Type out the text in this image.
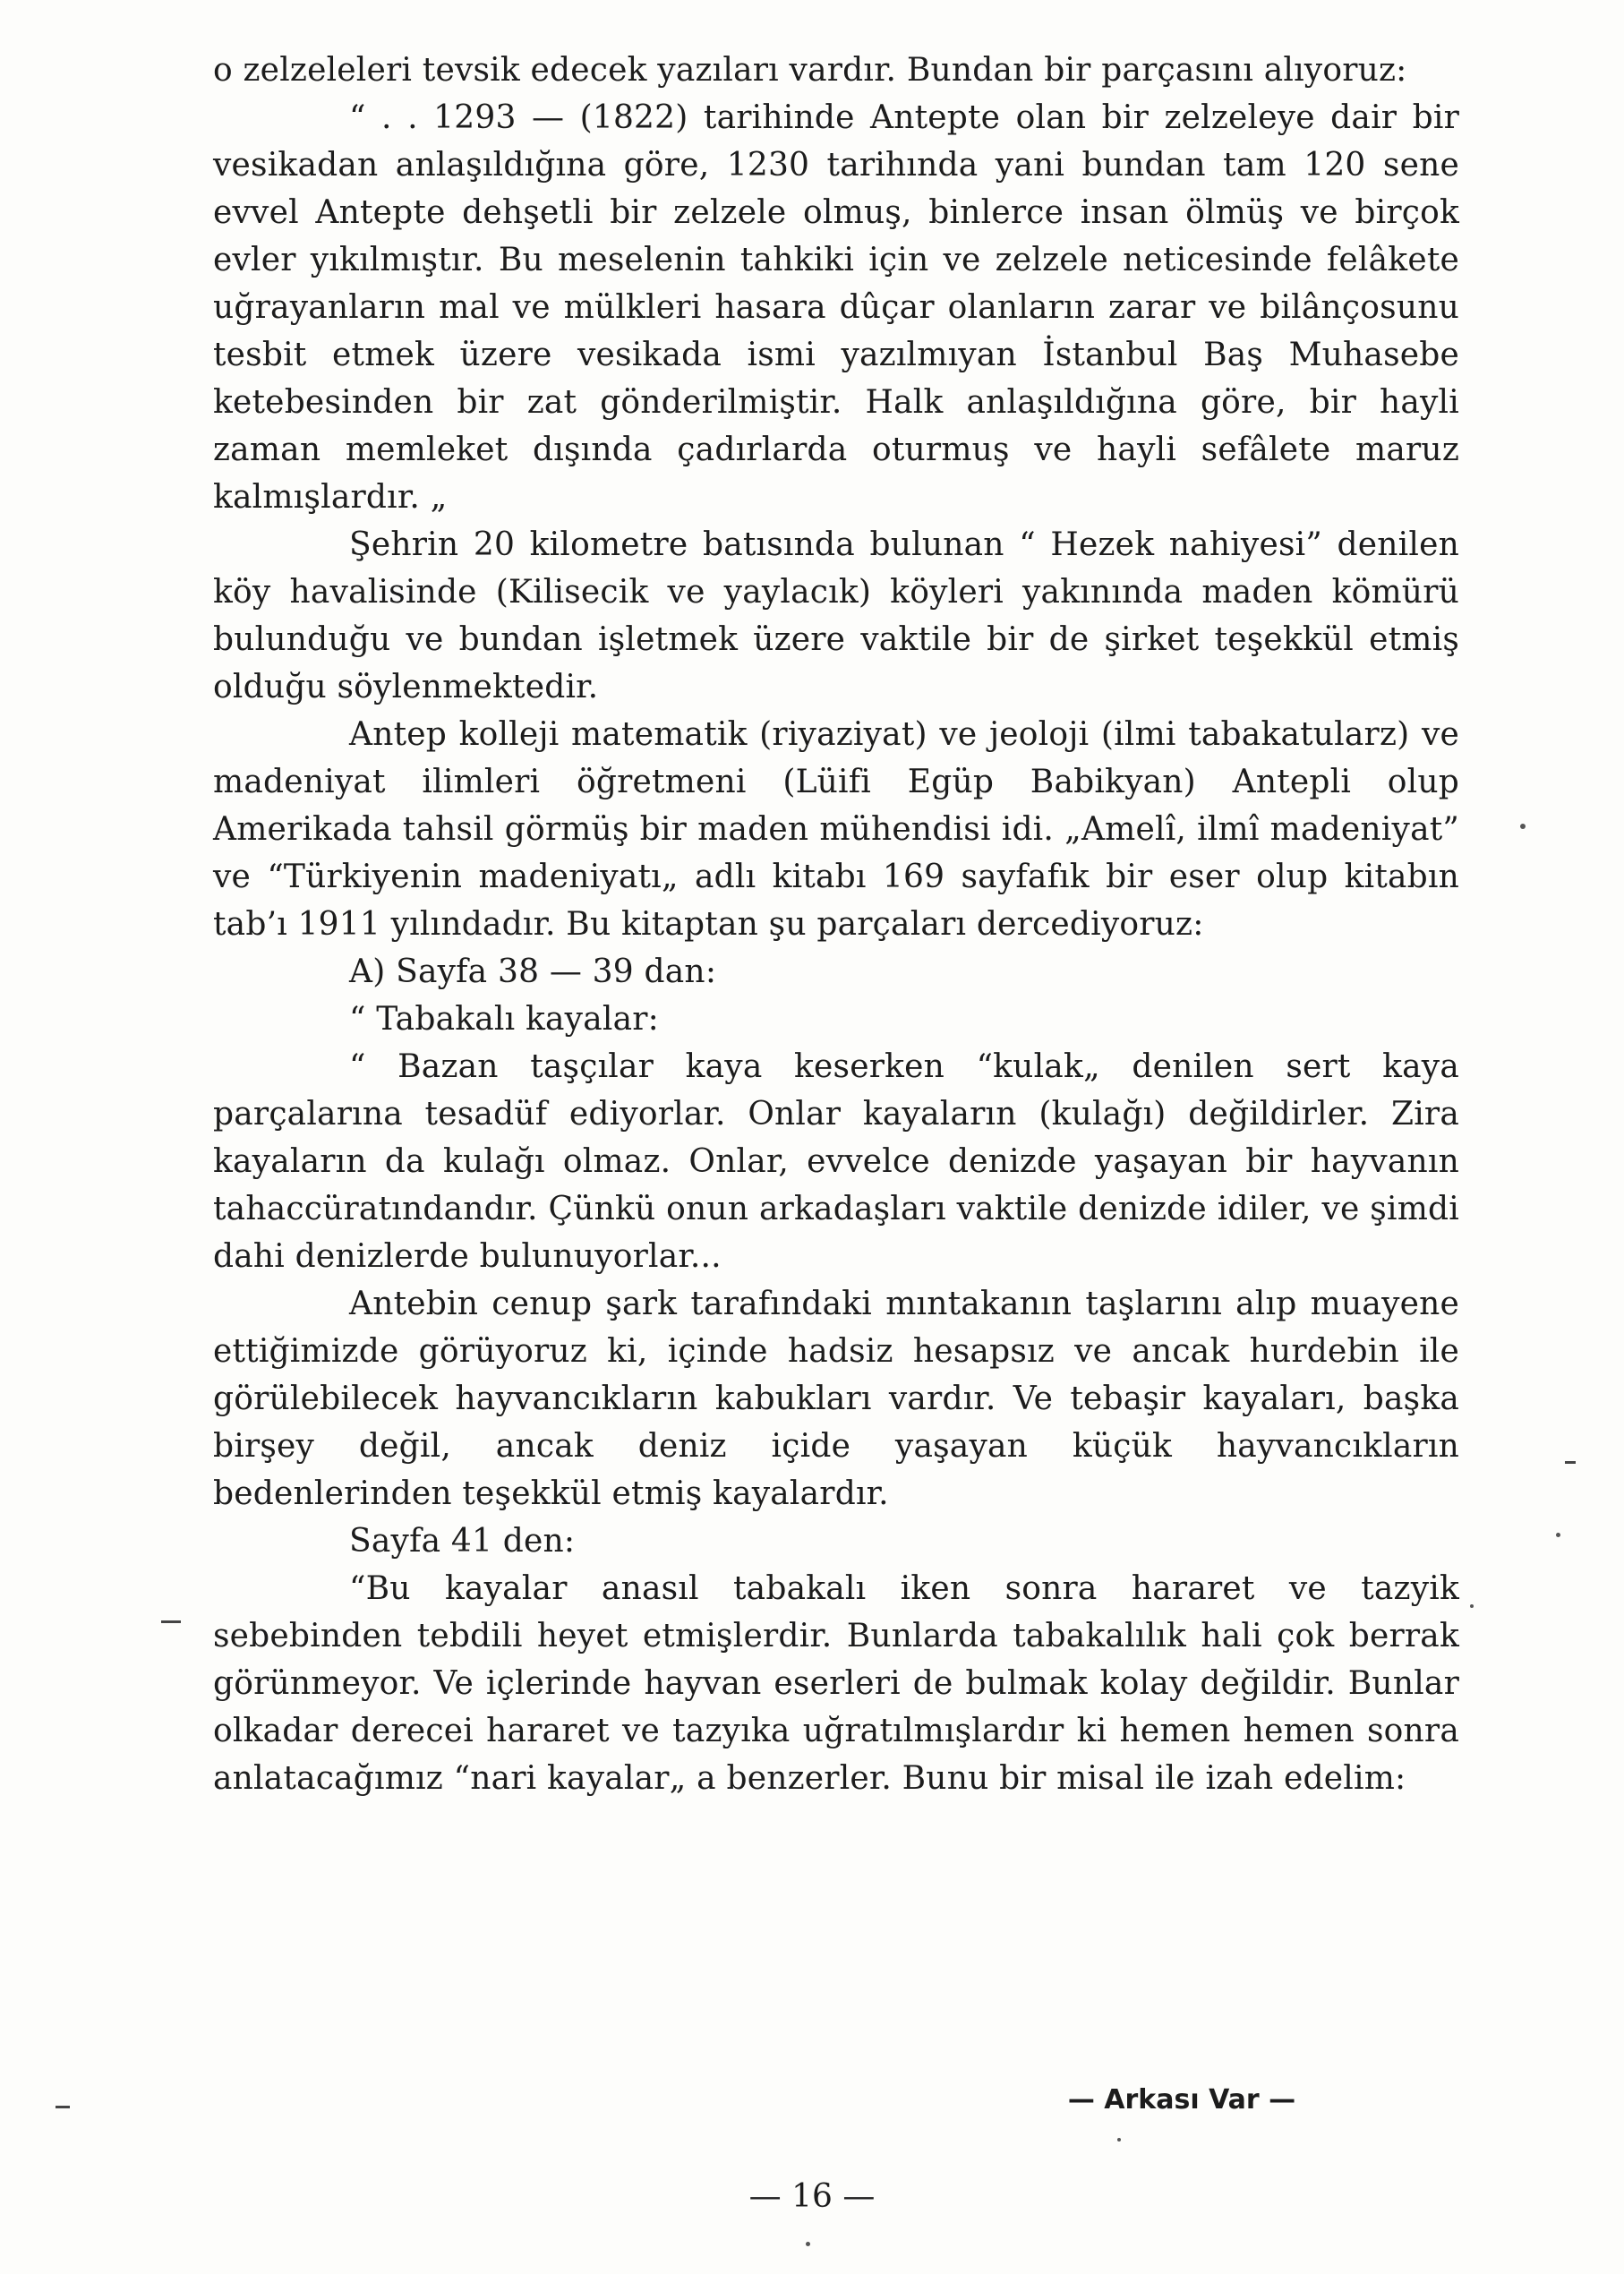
o zelzeleleri tevsik edecek yazıları vardır. Bundan bir parçasını alıyoruz:

“ . . 1293 — (1822) tarihinde Antepte olan bir zelzeleye dair bir vesikadan anlaşıldığına göre, 1230 tarihında yani bundan tam 120 sene evvel Antepte dehşetli bir zelzele olmuş, binlerce insan ölmüş ve birçok evler yıkılmıştır. Bu meselenin tahkiki için ve zelzele neticesinde felâkete uğrayanların mal ve mülkleri hasara dûçar olanların zarar ve bilânçosunu tesbit etmek üzere vesikada ismi yazılmıyan İstanbul Baş Muhasebe ketebesinden bir zat gönderilmiştir. Halk anlaşıldığına göre, bir hayli zaman memleket dışında çadırlarda oturmuş ve hayli sefâlete maruz kalmışlardır. „

Şehrin 20 kilometre batısında bulunan “ Hezek nahiyesi” denilen köy havalisinde (Kilisecik ve yaylacık) köyleri yakınında maden kömürü bulunduğu ve bundan işletmek üzere vaktile bir de şirket teşekkül etmiş olduğu söylenmektedir.

Antep kolleji matematik (riyaziyat) ve jeoloji (ilmi tabakatularz) ve madeniyat ilimleri öğretmeni (Lüifi Egüp Babikyan) Antepli olup Amerikada tahsil görmüş bir maden mühendisi idi. „Amelî, ilmî madeniyat” ve “Türkiyenin madeniyatı„ adlı kitabı 169 sayfafık bir eser olup kitabın tab’ı 1911 yılındadır. Bu kitaptan şu parçaları dercediyoruz:

A) Sayfa 38 — 39 dan:

“ Tabakalı kayalar:

“ Bazan taşçılar kaya keserken “kulak„ denilen sert kaya parçalarına tesadüf ediyorlar. Onlar kayaların (kulağı) değildirler. Zira kayaların da kulağı olmaz. Onlar, evvelce denizde yaşayan bir hayvanın tahaccüratındandır. Çünkü onun arkadaşları vaktile denizde idiler, ve şimdi dahi denizlerde bulunuyorlar...

Antebin cenup şark tarafındaki mıntakanın taşlarını alıp muayene ettiğimizde görüyoruz ki, içinde hadsiz hesapsız ve ancak hurdebin ile görülebilecek hayvancıkların kabukları vardır. Ve tebaşir kayaları, başka birşey değil, ancak deniz içide yaşayan küçük hayvancıkların bedenlerinden teşekkül etmiş kayalardır.

Sayfa 41 den:

“Bu kayalar anasıl tabakalı iken sonra hararet ve tazyik sebebinden tebdili heyet etmişlerdir. Bunlarda tabakalılık hali çok berrak görünmeyor. Ve içlerinde hayvan eserleri de bulmak kolay değildir. Bunlar olkadar derecei hararet ve tazyıka uğratılmışlardır ki hemen hemen sonra anlatacağımız “nari kayalar„ a benzerler. Bunu bir misal ile izah edelim:

— Arkası Var —
— 16 —
